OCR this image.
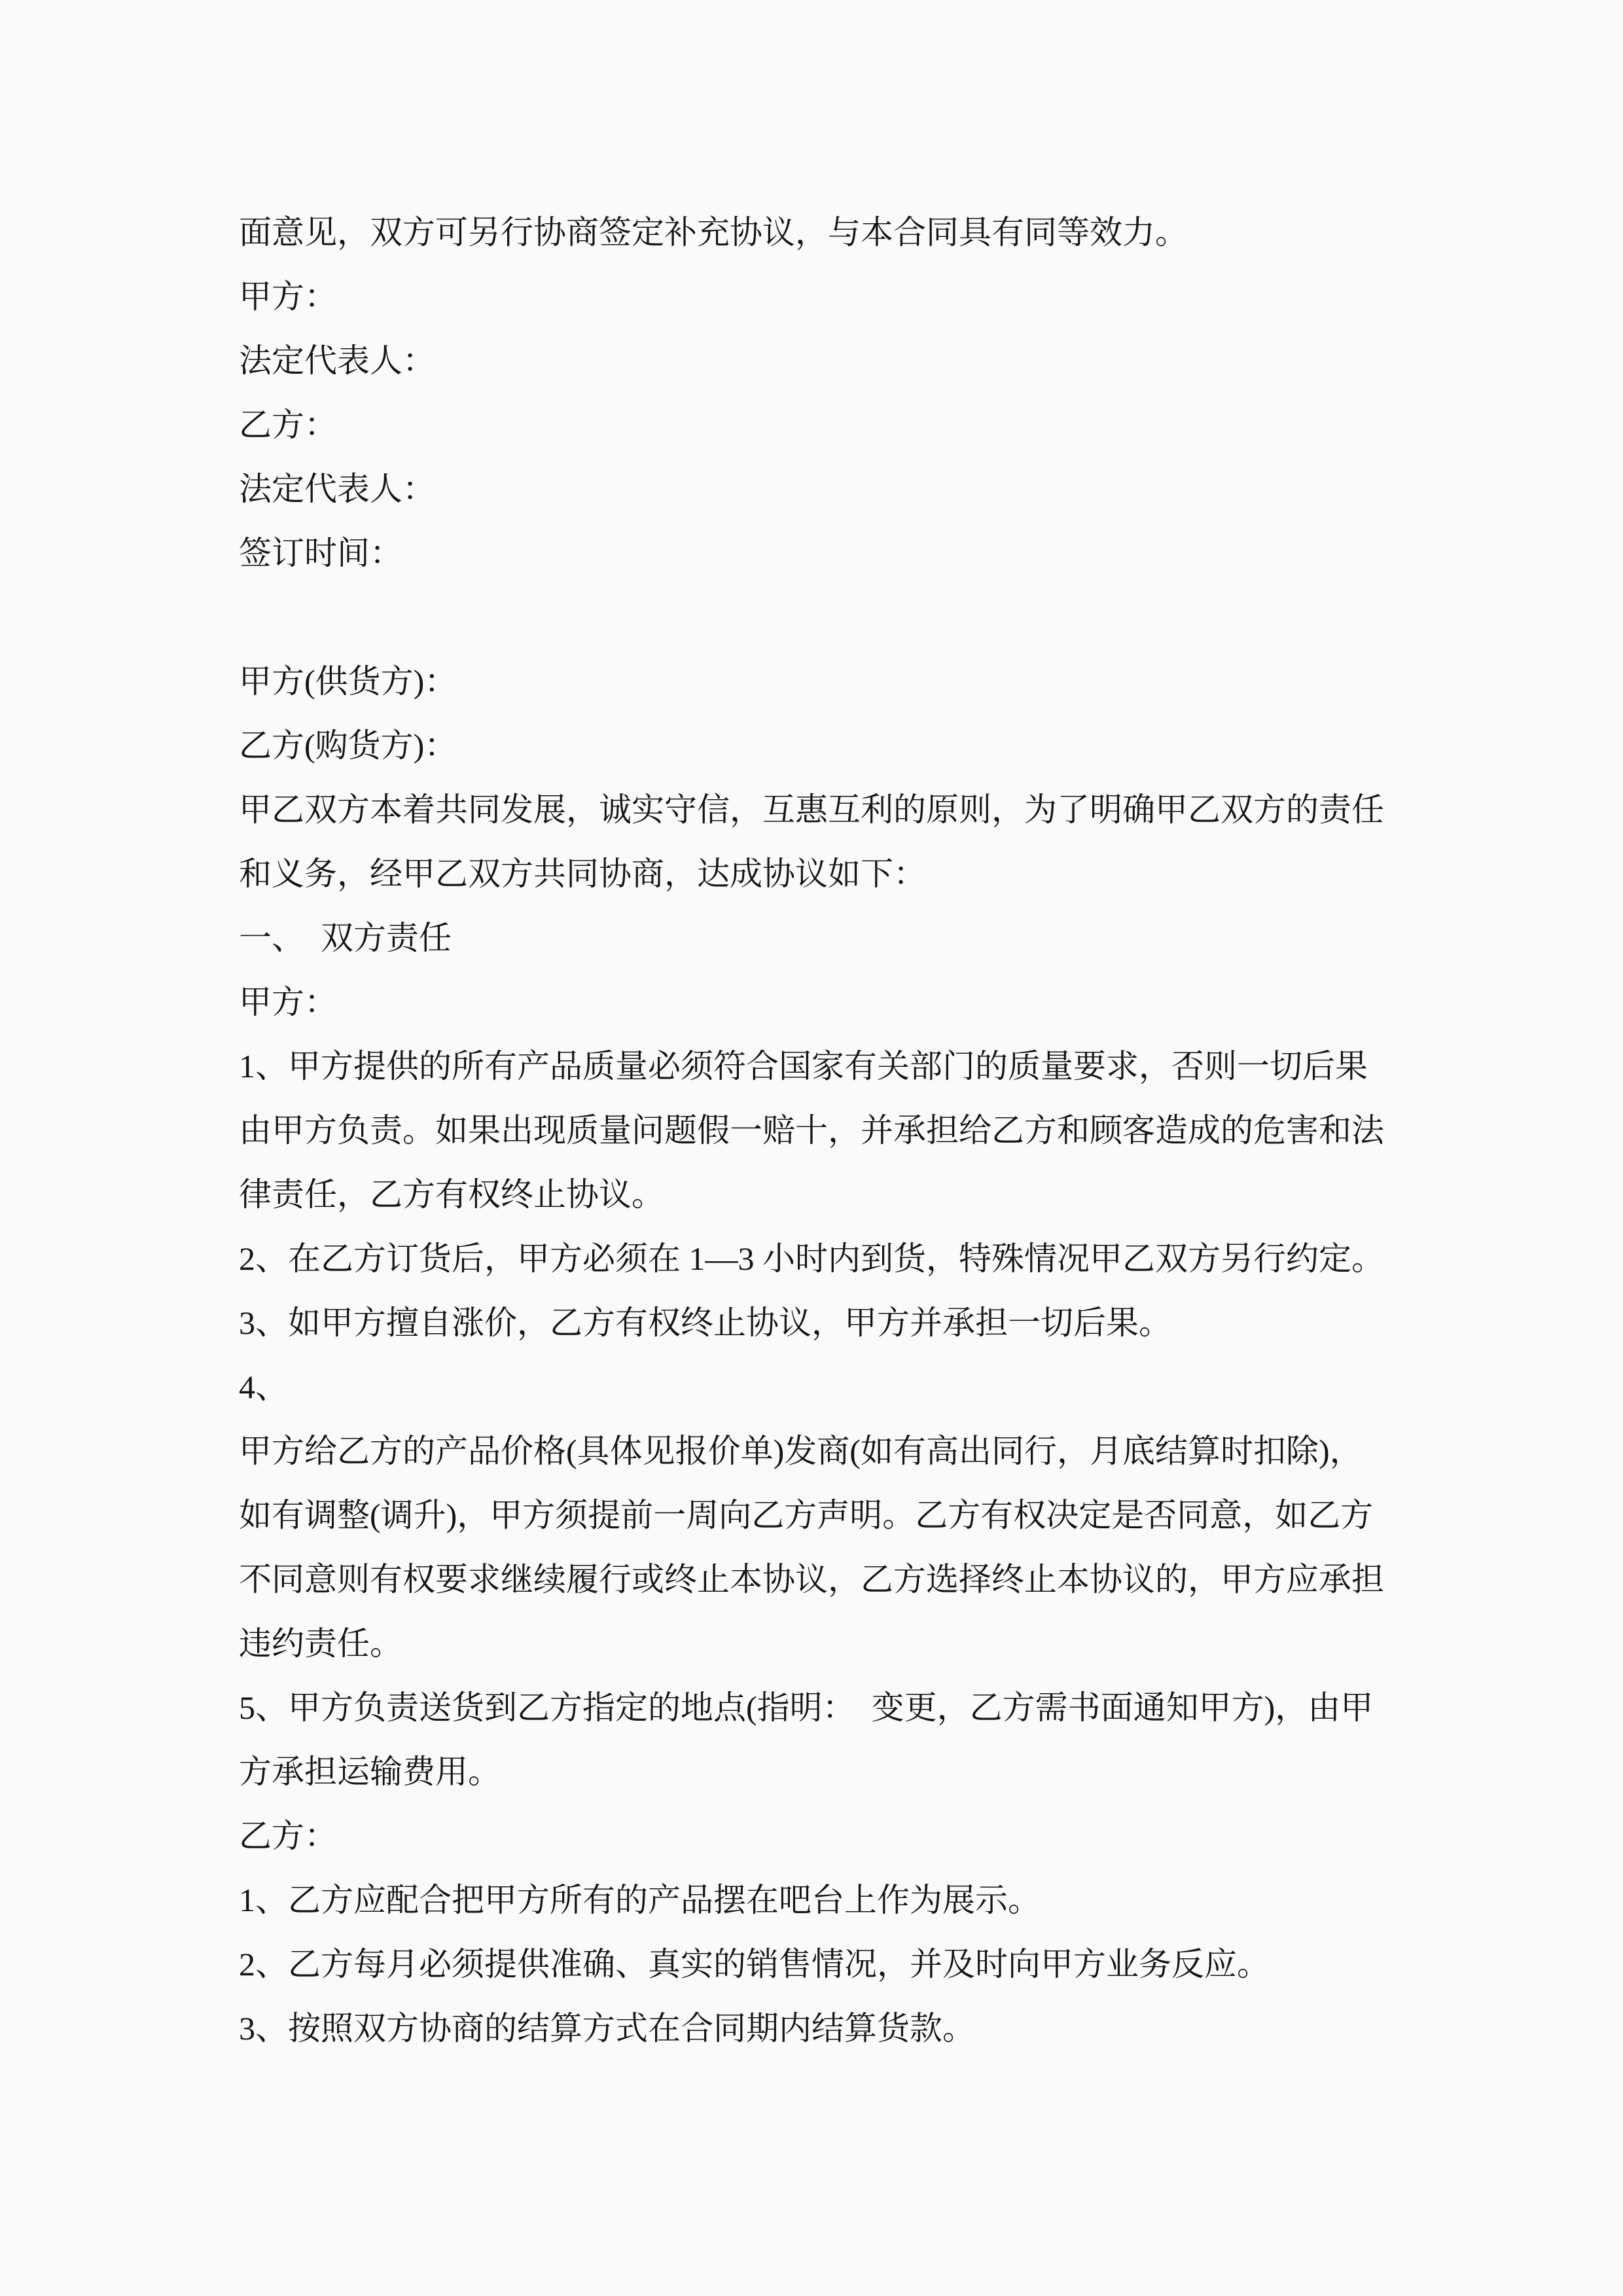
面意见，双方可另行协商签定补充协议，与本合同具有同等效力。
甲方：
法定代表人：
乙方：
法定代表人：
签订时间：
甲方(供货方)：
乙方(购货方)：
甲乙双方本着共同发展，诚实守信，互惠互利的原则，为了明确甲乙双方的责任
和义务，经甲乙双方共同协商，达成协议如下：
一、  双方责任
甲方：
1、甲方提供的所有产品质量必须符合国家有关部门的质量要求，否则一切后果
由甲方负责。如果出现质量问题假一赔十，并承担给乙方和顾客造成的危害和法
律责任，乙方有权终止协议。
2、在乙方订货后，甲方必须在 1—3 小时内到货，特殊情况甲乙双方另行约定。
3、如甲方擅自涨价，乙方有权终止协议，甲方并承担一切后果。
4、
甲方给乙方的产品价格(具体见报价单)发商(如有高出同行，月底结算时扣除)，
如有调整(调升)，甲方须提前一周向乙方声明。乙方有权决定是否同意，如乙方
不同意则有权要求继续履行或终止本协议，乙方选择终止本协议的，甲方应承担
违约责任。
5、甲方负责送货到乙方指定的地点(指明：  变更，乙方需书面通知甲方)，由甲
方承担运输费用。
乙方：
1、乙方应配合把甲方所有的产品摆在吧台上作为展示。
2、乙方每月必须提供准确、真实的销售情况，并及时向甲方业务反应。
3、按照双方协商的结算方式在合同期内结算货款。
